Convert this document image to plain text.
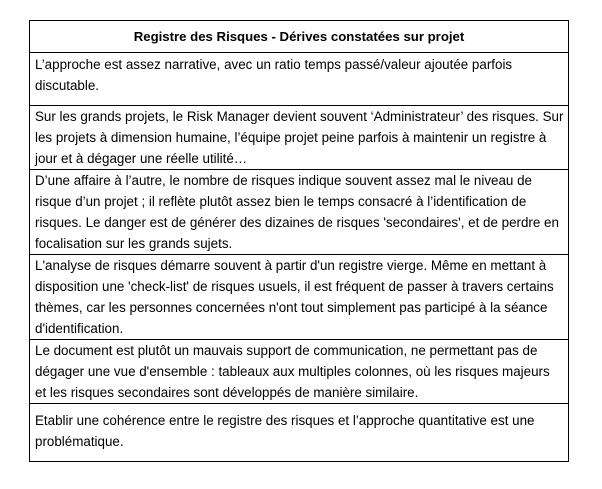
Registre des Risques - Dérives constatées sur projet
L’approche est assez narrative, avec un ratio temps passé/valeur ajoutée parfois discutable.
Sur les grands projets, le Risk Manager devient souvent ‘Administrateur’ des risques. Sur les projets à dimension humaine, l’équipe projet peine parfois à maintenir un registre à jour et à dégager une réelle utilité…
D’une affaire à l’autre, le nombre de risques indique souvent assez mal le niveau de risque d’un projet ; il reflète plutôt assez bien le temps consacré à l’identification de risques. Le danger est de générer des dizaines de risques 'secondaires', et de perdre en focalisation sur les grands sujets.
L'analyse de risques démarre souvent à partir d'un registre vierge. Même en mettant à disposition une 'check-list' de risques usuels, il est fréquent de passer à travers certains thèmes, car les personnes concernées n'ont tout simplement pas participé à la séance d'identification.
Le document est plutôt un mauvais support de communication, ne permettant pas de dégager une vue d'ensemble : tableaux aux multiples colonnes, où les risques majeurs et les risques secondaires sont développés de manière similaire.
Etablir une cohérence entre le registre des risques et l’approche quantitative est une problématique.
